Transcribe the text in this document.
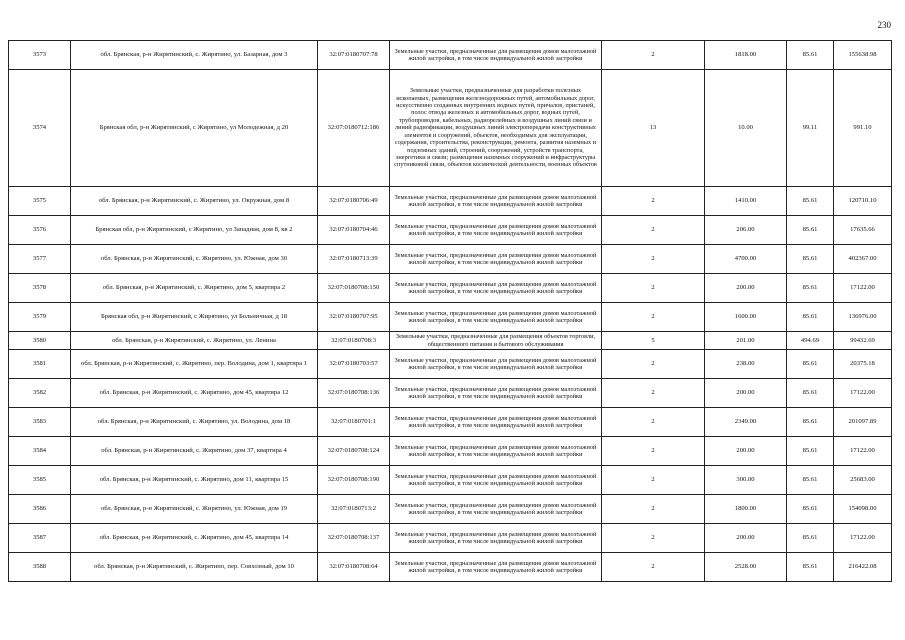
230
3573	обл. Брянская, р-н Жирятинский, с. Жирятино, ул. Базарная, дом 3	32:07:0180707:78	Земельные участки, предназначенные для размещения домов малоэтажной жилой застройки, в том числе индивидуальной жилой застройки	2	1818.00	85.61	155638.98
3574	Брянская обл, р-н Жирятинский, с Жирятино, ул Молодежная, д 20	32:07:0180712:186	Земельные участки, предназначенные для разработки полезных ископаемых, размещения железнодорожных путей, автомобильных дорог, искусственно созданных внутренних водных путей, причалов, пристаней, полос отвода железных и автомобильных дорог, водных путей, трубопроводов, кабельных, радиорелейных и воздушных линий связи и линий радиофикации, воздушных линий электропередачи конструктивных элементов и сооружений, объектов, необходимых для эксплуатации, содержания, строительства, реконструкции, ремонта, развития наземных и подземных зданий, строений, сооружений, устройств транспорта, энергетики и связи; размещения наземных сооружений и инфраструктуры спутниковой связи, объектов космической деятельности, военных объектов	13	10.00	99.11	991.10
3575	обл. Брянская, р-н Жирятинский, с. Жирятино, ул. Окружная, дом 8	32:07:0180706:49	Земельные участки, предназначенные для размещения домов малоэтажной жилой застройки, в том числе индивидуальной жилой застройки	2	1410.00	85.61	120710.10
3576	Брянская обл, р-н Жирятинский, с Жирятино, ул Западная, дом 8, кв 2	32:07:0180704:46	Земельные участки, предназначенные для размещения домов малоэтажной жилой застройки, в том числе индивидуальной жилой застройки	2	206.00	85.61	17635.66
3577	обл. Брянская, р-н Жирятинский, с. Жирятино, ул. Южная, дом 30	32:07:0180713:39	Земельные участки, предназначенные для размещения домов малоэтажной жилой застройки, в том числе индивидуальной жилой застройки	2	4700.00	85.61	402367.00
3578	обл. Брянская, р-н Жирятинский, с. Жирятино, дом 5, квартира 2	32:07:0180708:150	Земельные участки, предназначенные для размещения домов малоэтажной жилой застройки, в том числе индивидуальной жилой застройки	2	200.00	85.61	17122.00
3579	Брянская обл, р-н Жирятинский, с Жирятино, ул Больничная, д 18	32:07:0180707:95	Земельные участки, предназначенные для размещения домов малоэтажной жилой застройки, в том числе индивидуальной жилой застройки	2	1600.00	85.61	136976.00
3580	обл. Брянская, р-н Жирятинский, с. Жирятино, ул. Ленина	32:07:0180708:3	Земельные участки, предназначенные для размещения объектов торговли, общественного питания и бытового обслуживания	5	201.00	494.69	99432.69
3581	обл. Брянская, р-н Жирятинский, с. Жирятино, пер. Володина, дом 1, квартира 1	32:07:0180703:57	Земельные участки, предназначенные для размещения домов малоэтажной жилой застройки, в том числе индивидуальной жилой застройки	2	238.00	85.61	20375.18
3582	обл. Брянская, р-н Жирятинский, с. Жирятино, дом 45, квартира 12	32:07:0180708:136	Земельные участки, предназначенные для размещения домов малоэтажной жилой застройки, в том числе индивидуальной жилой застройки	2	200.00	85.61	17122.00
3583	обл. Брянская, р-н Жирятинский, с. Жирятино, ул. Володина, дом 18	32:07:0180701:1	Земельные участки, предназначенные для размещения домов малоэтажной жилой застройки, в том числе индивидуальной жилой застройки	2	2349.00	85.61	201097.89
3584	обл. Брянская, р-н Жирятинский, с. Жирятино, дом 37, квартира 4	32:07:0180708:124	Земельные участки, предназначенные для размещения домов малоэтажной жилой застройки, в том числе индивидуальной жилой застройки	2	200.00	85.61	17122.00
3585	обл. Брянская, р-н Жирятинский, с. Жирятино, дом 11, квартира 15	32:07:0180708:190	Земельные участки, предназначенные для размещения домов малоэтажной жилой застройки, в том числе индивидуальной жилой застройки	2	300.00	85.61	25683.00
3586	обл. Брянская, р-н Жирятинский, с. Жирятино, ул. Южная, дом 19	32:07:0180713:2	Земельные участки, предназначенные для размещения домов малоэтажной жилой застройки, в том числе индивидуальной жилой застройки	2	1800.00	85.61	154098.00
3587	обл. Брянская, р-н Жирятинский, с. Жирятино, дом 45, квартира 14	32:07:0180708:137	Земельные участки, предназначенные для размещения домов малоэтажной жилой застройки, в том числе индивидуальной жилой застройки	2	200.00	85.61	17122.00
3588	обл. Брянская, р-н Жирятинский, с. Жирятино, пер. Совхозный, дом 10	32:07:0180708:64	Земельные участки, предназначенные для размещения домов малоэтажной жилой застройки, в том числе индивидуальной жилой застройки	2	2528.00	85.61	216422.08
